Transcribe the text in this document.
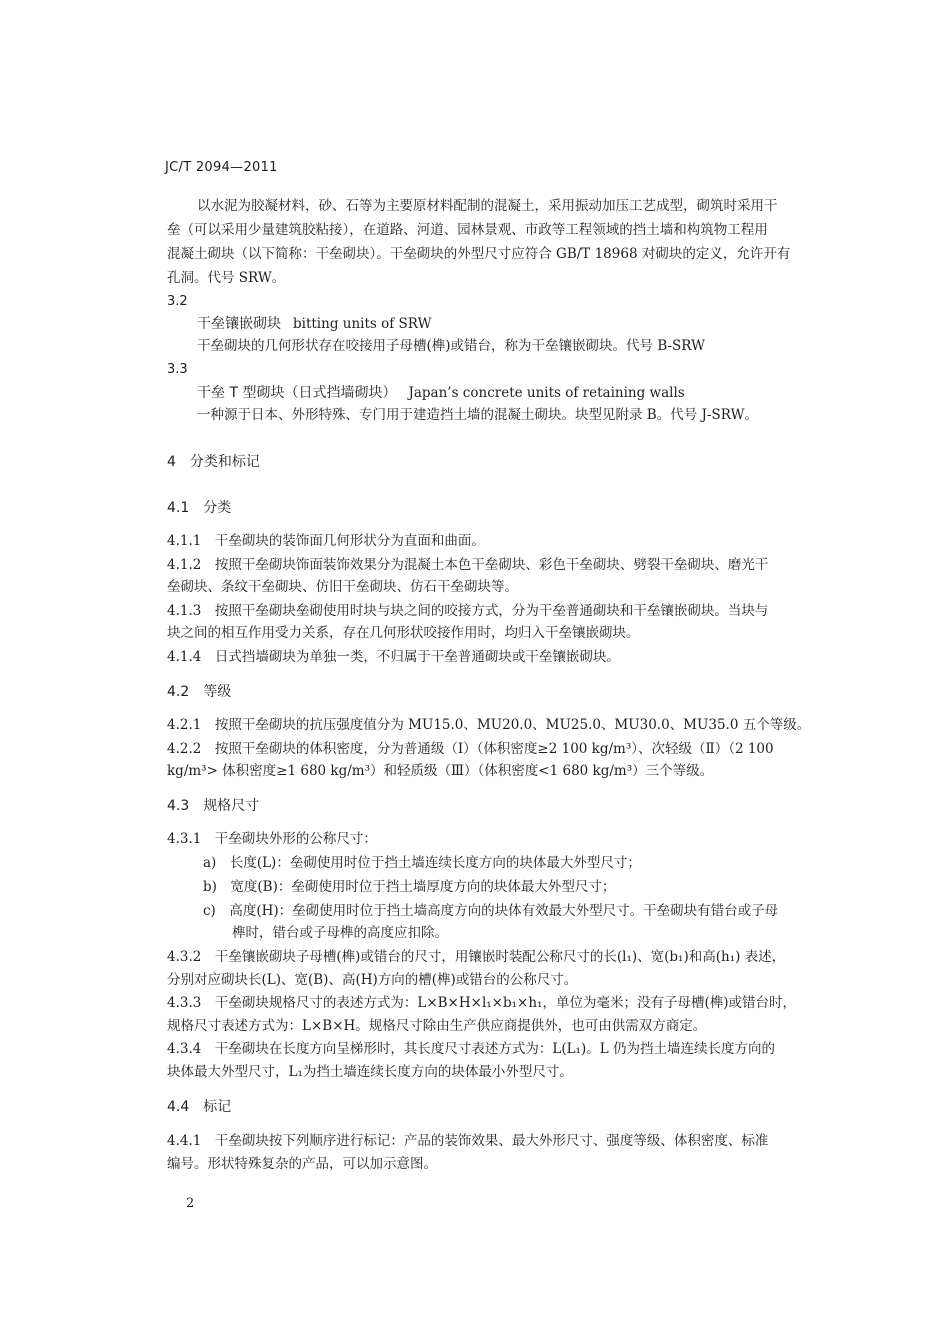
JC/T 2094—2011
以水泥为胶凝材料，砂、石等为主要原材料配制的混凝土，采用振动加压工艺成型，砌筑时采用干
垒（可以采用少量建筑胶粘接），在道路、河道、园林景观、市政等工程领域的挡土墙和构筑物工程用
混凝土砌块（以下简称：干垒砌块）。干垒砌块的外型尺寸应符合 GB/T 18968 对砌块的定义，允许开有
孔洞。代号 SRW。
3.2
干垒镶嵌砌块 bitting units of SRW
干垒砌块的几何形状存在咬接用子母槽(榫)或错台，称为干垒镶嵌砌块。代号 B-SRW
3.3
干垒 T 型砌块（日式挡墙砌块） Japan’s concrete units of retaining walls
一种源于日本、外形特殊、专门用于建造挡土墙的混凝土砌块。块型见附录 B。代号 J-SRW。
4　分类和标记
4.1　分类
4.1.1　干垒砌块的装饰面几何形状分为直面和曲面。
4.1.2　按照干垒砌块饰面装饰效果分为混凝土本色干垒砌块、彩色干垒砌块、劈裂干垒砌块、磨光干
垒砌块、条纹干垒砌块、仿旧干垒砌块、仿石干垒砌块等。
4.1.3　按照干垒砌块垒砌使用时块与块之间的咬接方式，分为干垒普通砌块和干垒镶嵌砌块。当块与
块之间的相互作用受力关系，存在几何形状咬接作用时，均归入干垒镶嵌砌块。
4.1.4　日式挡墙砌块为单独一类，不归属于干垒普通砌块或干垒镶嵌砌块。
4.2　等级
4.2.1　按照干垒砌块的抗压强度值分为 MU15.0、MU20.0、MU25.0、MU30.0、MU35.0 五个等级。
4.2.2　按照干垒砌块的体积密度，分为普通级（Ⅰ）（体积密度≥2 100 kg/m³）、次轻级（Ⅱ）（2 100
kg/m³> 体积密度≥1 680 kg/m³）和轻质级（Ⅲ）（体积密度<1 680 kg/m³）三个等级。
4.3　规格尺寸
4.3.1　干垒砌块外形的公称尺寸：
a)　长度(L)：垒砌使用时位于挡土墙连续长度方向的块体最大外型尺寸；
b)　宽度(B)：垒砌使用时位于挡土墙厚度方向的块体最大外型尺寸；
c)　高度(H)：垒砌使用时位于挡土墙高度方向的块体有效最大外型尺寸。干垒砌块有错台或子母
榫时，错台或子母榫的高度应扣除。
4.3.2　干垒镶嵌砌块子母槽(榫)或错台的尺寸，用镶嵌时装配公称尺寸的长(l₁)、宽(b₁)和高(h₁) 表述，
分别对应砌块长(L)、宽(B)、高(H)方向的槽(榫)或错台的公称尺寸。
4.3.3　干垒砌块规格尺寸的表述方式为：L×B×H×l₁×b₁×h₁，单位为毫米；没有子母槽(榫)或错台时，
规格尺寸表述方式为：L×B×H。规格尺寸除由生产供应商提供外，也可由供需双方商定。
4.3.4　干垒砌块在长度方向呈梯形时，其长度尺寸表述方式为：L(L₁)。L 仍为挡土墙连续长度方向的
块体最大外型尺寸，L₁为挡土墙连续长度方向的块体最小外型尺寸。
4.4　标记
4.4.1　干垒砌块按下列顺序进行标记：产品的装饰效果、最大外形尺寸、强度等级、体积密度、标准
编号。形状特殊复杂的产品，可以加示意图。
2
